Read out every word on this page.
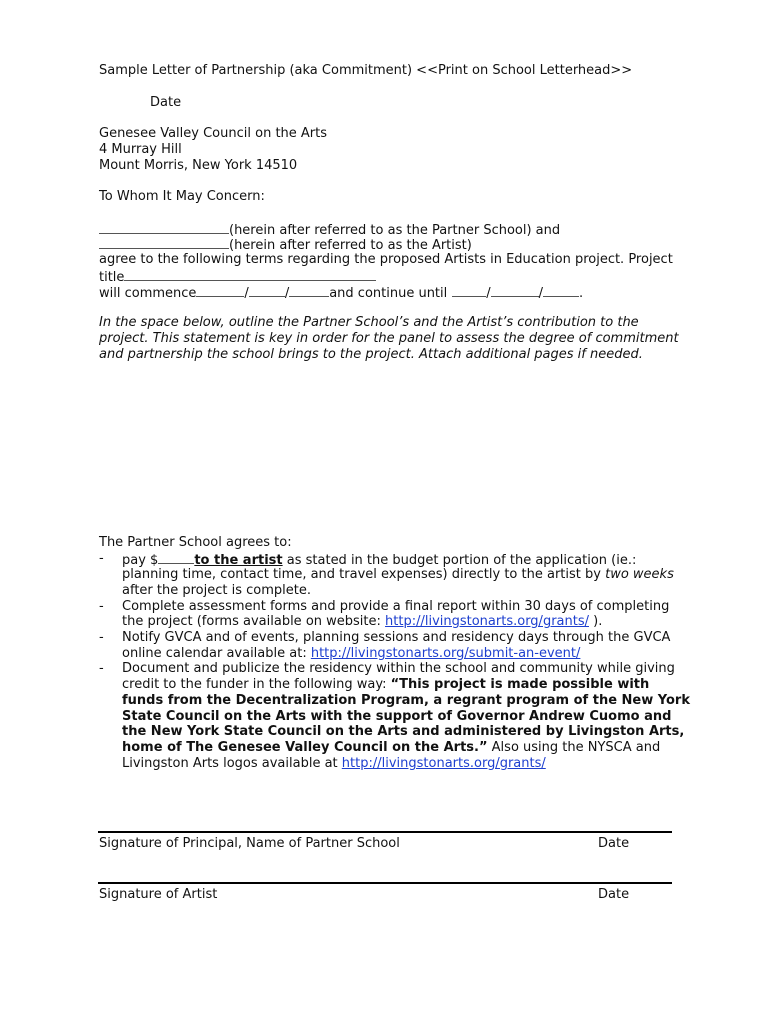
Sample Letter of Partnership (aka Commitment) <<Print on School Letterhead>>
Date
Genesee Valley Council on the Arts
4 Murray Hill
Mount Morris, New York 14510
To Whom It May Concern:
(herein after referred to as the Partner School) and
(herein after referred to as the Artist)
agree to the following terms regarding the proposed Artists in Education project. Project
title
will commence	/	/	and continue until	/	/	.
In the space below, outline the Partner School’s and the Artist’s contribution to the
project. This statement is key in order for the panel to assess the degree of commitment
and partnership the school brings to the project. Attach additional pages if needed.
The Partner School agrees to:
- pay $	to the artist as stated in the budget portion of the application (ie.:
planning time, contact time, and travel expenses) directly to the artist by two weeks
after the project is complete.
- Complete assessment forms and provide a final report within 30 days of completing
the project (forms available on website: http://livingstonarts.org/grants/ ).
- Notify GVCA and of events, planning sessions and residency days through the GVCA
online calendar available at: http://livingstonarts.org/submit-an-event/
- Document and publicize the residency within the school and community while giving
credit to the funder in the following way: “This project is made possible with
funds from the Decentralization Program, a regrant program of the New York
State Council on the Arts with the support of Governor Andrew Cuomo and
the New York State Council on the Arts and administered by Livingston Arts,
home of The Genesee Valley Council on the Arts.” Also using the NYSCA and
Livingston Arts logos available at http://livingstonarts.org/grants/
Signature of Principal, Name of Partner School	Date
Signature of Artist	Date
